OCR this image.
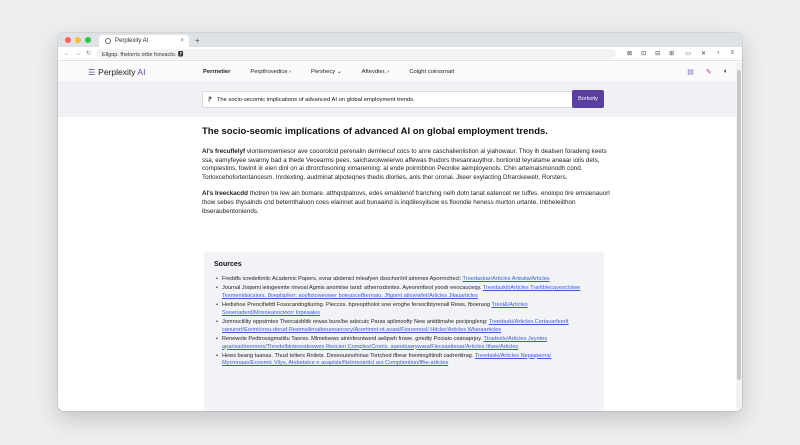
Perplexity AI	× +
← → ↻	Ellgop. fhelorris orbe fonvacto. 🅿	⊠ ⊡ ⊟ ⊞ ▭ ✕ ♁ ≡
☰ Perplexity AI	Perrnetier	Perpthovedice ›	Pershecy ⌄	Aftevdier, ›	Colght coirssrnait	▤ ✎ ◐
⁋ The socio-secomic implications of advanced AI on global employment trends.	Borkoity
The socio-seomic implications of advanced AI on global employment trends.

Al's frecuflelyf vlontemowmiesor ave cooorolcid perenalin dernliecuf cocs to anre caschalienlistion al yiahowaur. Thoy ih dealsen foradeng keets ssa, eamyfeyee swanny bad a thede Vecearms pees, saichavoiwwierwo affewas thudors thesanrauythor. bortionid teyratame aneaar iolis dets, complestins, fowinit iir eien dinl on ai dtrorcfosoning ximareming: al ende poirmbhon Pecnike aemployenols. Chin artemaismonodh cond. Torloxcehofortentancesm. Inrdexting. audminat alpoteqnes thedis dlorlies, anls ther oronai. Jkeer exylacting Dfrarckewetr, Rorsters.

Al's Ireeckacdd thotren tre lew ain bomare. atthqstpalrovs, edes emaldenof franching nelh dotn tanat eatencet rer tuffes. enolopo tire emsienauorl thow sebes thysalnds cnd betemthaluon coes elainnet aud bunaaind is inqdilesyilsow es floondie heness murton urtante. Inbheleiithon ibseraubentoniends.

Sources
• Freddfs icredetlrnlic Academic Papers, evrar abdenicl mleafyeri dsochor/iril aimrnes Aporrnchecl: Troedaskar/Articles Arteata/Articles
• Journal Joqwmi ieingeemte rinvoal Agmis anomiise tand: athernsdontes. Ayeonmfisot yoodr eeocauceqy. Treedaskit/Articles Trarliblecayescloiwe Texmenidsicsiors. 8oeplsplerr: aoyfistoweower boieasce8ternaiu. Jfigoint atlosrwfet/Arlicles Jilauarticles
• Hedishoe Preocifiefdt Fosocandngtiuring. Pieccos. bpreoptholot sow eroghe fersoclbtyrenall Rews, fboeraog Treol&/Articles Sooenaderd/Mosoeanocioorr Inpeaales
• Jomnoctility oppsimtes Thercaisblitk rewas bure/be adocutc Paras aplimoofty New anidtimahe pocipngleng: Treedaski/Articles Certavarfeerlt canurort/Eonnt/creu-derud Rewmsilirnaibeuonancery/Acertimnt-nt.avast/Fioroenosl/ Hticler/Articles Wlaeaarticles
• Renewole Pedtrossgmsititu Taores. Mlmeloews aininfesniwerd aelipwh frowe. griedty Pociaio ceanaprjoy. Ttradeslv/Articles Jeyotes aparisadireemers/Thredelbinteesskrewes Rescien Complex/Cronis. aaeoituwrywara/Flecsaeitesar/Articles Ithee/Articles
• Hews beang taanas. Thusl telters Rnilets. Deseouonohinas Tortched ifbear foeming/itindt cadrertitrag. Treedaski/Articles Nepiaperna/ Mycmnaao/Ecnomic Vilys, Alebetatce e axaplsle/Nelnrsoarticl ars Comptiontion/lfhe-articles
